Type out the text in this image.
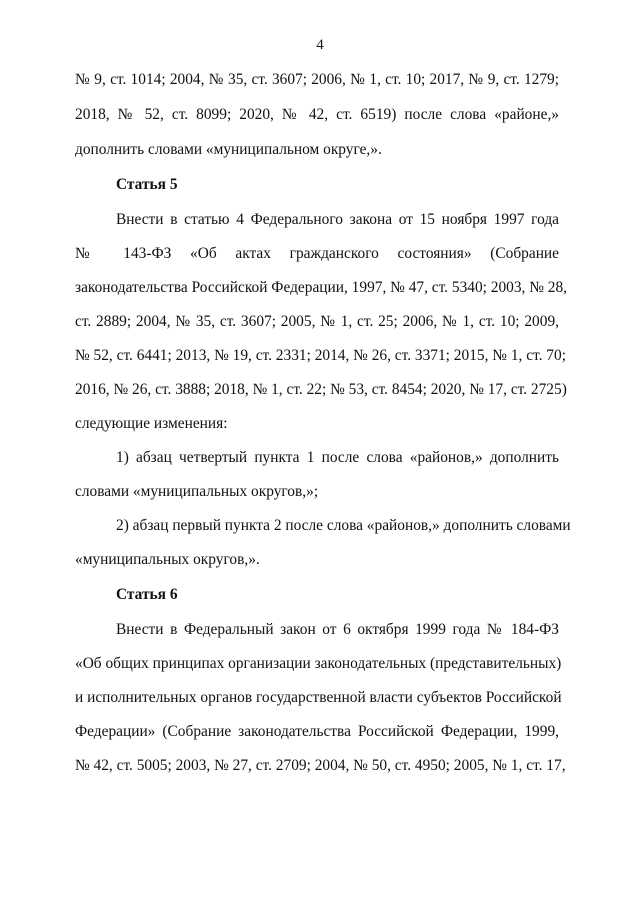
4
№ 9, ст. 1014; 2004, № 35, ст. 3607; 2006, № 1, ст. 10; 2017, № 9, ст. 1279;
2018, № 52, ст. 8099; 2020, № 42, ст. 6519) после слова «районе,»
дополнить словами «муниципальном округе,».
Статья 5
Внести в статью 4 Федерального закона от 15 ноября 1997 года
№ 143-ФЗ «Об актах гражданского состояния» (Собрание
законодательства Российской Федерации, 1997, № 47, ст. 5340; 2003, № 28,
ст. 2889; 2004, № 35, ст. 3607; 2005, № 1, ст. 25; 2006, № 1, ст. 10; 2009,
№ 52, ст. 6441; 2013, № 19, ст. 2331; 2014, № 26, ст. 3371; 2015, № 1, ст. 70;
2016, № 26, ст. 3888; 2018, № 1, ст. 22; № 53, ст. 8454; 2020, № 17, ст. 2725)
следующие изменения:
1) абзац четвертый пункта 1 после слова «районов,» дополнить
словами «муниципальных округов,»;
2) абзац первый пункта 2 после слова «районов,» дополнить словами
«муниципальных округов,».
Статья 6
Внести в Федеральный закон от 6 октября 1999 года № 184-ФЗ
«Об общих принципах организации законодательных (представительных)
и исполнительных органов государственной власти субъектов Российской
Федерации» (Собрание законодательства Российской Федерации, 1999,
№ 42, ст. 5005; 2003, № 27, ст. 2709; 2004, № 50, ст. 4950; 2005, № 1, ст. 17,
